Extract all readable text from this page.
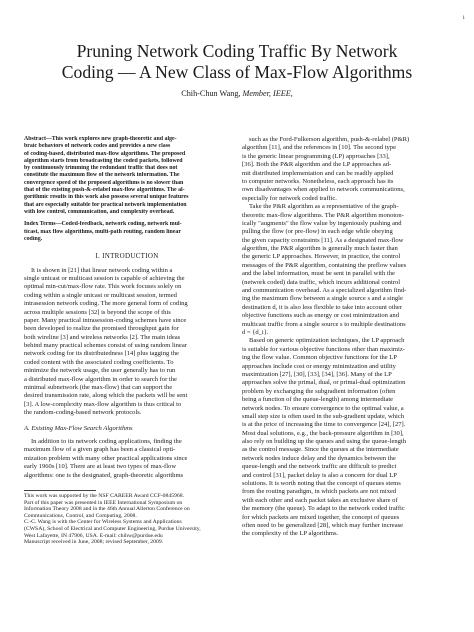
1
Pruning Network Coding Traffic By Network
Coding — A New Class of Max-Flow Algorithms
Chih-Chun Wang, Member, IEEE,
Abstract—This work explores new graph-theoretic and alge-
braic behaviors of network codes and provides a new class
of coding-based, distributed max-flow algorithms. The proposed
algorithm starts from broadcasting the coded packets, followed
by continuously trimming the redundant traffic that does not
constitute the maximum flow of the network information. The
convergence speed of the proposed algorithms is no slower than
that of the existing push-&-relabel max-flow algorithms. The al-
gorithmic results in this work also possess several unique features
that are especially suitable for practical network implementation
with low control, communication, and complexity overhead.
Index Terms—Coded-feedback, network coding, network mul-
ticast, max flow algorithms, multi-path routing, random linear
coding.
I. INTRODUCTION
It is shown in [21] that linear network coding within a
single unicast or multicast session is capable of achieving the
optimal min-cut/max-flow rate. This work focuses solely on
coding within a single unicast or multicast session, termed
intrasession network coding. The more general form of coding
across multiple sessions [32] is beyond the scope of this
paper. Many practical intrasession-coding schemes have since
been developed to realize the promised throughput gain for
both wireline [3] and wireless networks [2]. The main ideas
behind many practical schemes consist of using random linear
network coding for its distributedness [14] plus tagging the
coded content with the associated coding coefficients. To
minimize the network usage, the user generally has to run
a distributed max-flow algorithm in order to search for the
minimal subnetwork (the max-flow) that can support the
desired transmission rate, along which the packets will be sent
[3]. A low-complexity max-flow algorithm is thus critical to
the random-coding-based network protocols.
A. Existing Max-Flow Search Algorithms
In addition to its network coding applications, finding the
maximum flow of a given graph has been a classical opti-
mization problem with many other practical applications since
early 1960s [10]. There are at least two types of max-flow
algorithms: one is the designated, graph-theoretic algorithms
This work was supported by the NSF CAREER Award CCF-0845968.
Part of this paper was presented in IEEE International Symposium on
Information Theory 2008 and in the 46th Annual Allerton Conference on
Communications, Control, and Computing, 2008.
C.-C. Wang is with the Center for Wireless Systems and Applications
(CWSA), School of Electrical and Computer Engineering, Purdue University,
West Lafayette, IN 47906, USA. E-mail: chihw@purdue.edu
Manuscript received in June, 2008; revised September, 2009.
such as the Ford-Fulkerson algorithm, push-&-relabel (P&R)
algorithm [11], and the references in [10]. The second type
is the generic linear programming (LP) approaches [33],
[36]. Both the P&R algorithm and the LP approaches ad-
mit distributed implementation and can be readily applied
to computer networks. Nonetheless, each approach has its
own disadvantages when applied to network communications,
especially for network coded traffic.
Take the P&R algorithm as a representative of the graph-
theoretic max-flow algorithms. The P&R algorithm monoton-
ically "augments" the flow value by ingeniously pushing and
pulling the flow (or pre-flow) in each edge while obeying
the given capacity constraints [11]. As a designated max-flow
algorithm, the P&R algorithm is generally much faster than
the generic LP approaches. However, in practice, the control
messages of the P&R algorithm, containing the preflow values
and the label information, must be sent in parallel with the
(network coded) data traffic, which incurs additional control
and communication overhead. As a specialized algorithm find-
ing the maximum flow between a single source s and a single
destination d, it is also less flexible to take into account other
objective functions such as energy or cost minimization and
multicast traffic from a single source s to multiple destinations
d = {d_i}.
Based on generic optimization techniques, the LP approach
is suitable for various objective functions other than maximiz-
ing the flow value. Common objective functions for the LP
approaches include cost or energy minimization and utility
maximization [27], [30], [33], [34], [36]. Many of the LP
approaches solve the primal, dual, or primal-dual optimization
problem by exchanging the subgradient information (often
being a function of the queue-length) among intermediate
network nodes. To ensure convergence to the optimal value, a
small step size is often used in the sub-gradient update, which
is at the price of increasing the time to convergence [24], [27].
Most dual solutions, e.g., the back-pressure algorithm in [30],
also rely on building up the queues and using the queue-length
as the control message. Since the queues at the intermediate
network nodes induce delay and the dynamics between the
queue-length and the network traffic are difficult to predict
and control [31], packet delay is also a concern for dual LP
solutions. It is worth noting that the concept of queues stems
from the routing paradigm, in which packets are not mixed
with each other and each packet takes an exclusive share of
the memory (the queue). To adapt to the network coded traffic
for which packets are mixed together, the concept of queues
often need to be generalized [28], which may further increase
the complexity of the LP algorithms.
